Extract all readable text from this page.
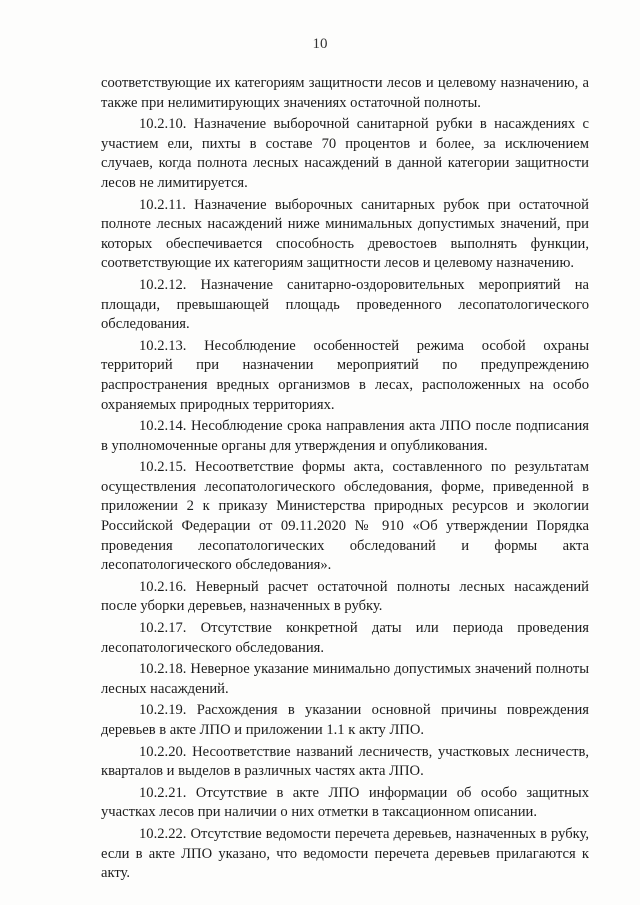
10

соответствующие их категориям защитности лесов и целевому назначению, а также при нелимитирующих значениях остаточной полноты.

10.2.10. Назначение выборочной санитарной рубки в насаждениях с участием ели, пихты в составе 70 процентов и более, за исключением случаев, когда полнота лесных насаждений в данной категории защитности лесов не лимитируется.

10.2.11. Назначение выборочных санитарных рубок при остаточной полноте лесных насаждений ниже минимальных допустимых значений, при которых обеспечивается способность древостоев выполнять функции, соответствующие их категориям защитности лесов и целевому назначению.

10.2.12. Назначение санитарно-оздоровительных мероприятий на площади, превышающей площадь проведенного лесопатологического обследования.

10.2.13. Несоблюдение особенностей режима особой охраны территорий при назначении мероприятий по предупреждению распространения вредных организмов в лесах, расположенных на особо охраняемых природных территориях.

10.2.14. Несоблюдение срока направления акта ЛПО после подписания в уполномоченные органы для утверждения и опубликования.

10.2.15. Несоответствие формы акта, составленного по результатам осуществления лесопатологического обследования, форме, приведенной в приложении 2 к приказу Министерства природных ресурсов и экологии Российской Федерации от 09.11.2020 № 910 «Об утверждении Порядка проведения лесопатологических обследований и формы акта лесопатологического обследования».

10.2.16. Неверный расчет остаточной полноты лесных насаждений после уборки деревьев, назначенных в рубку.

10.2.17. Отсутствие конкретной даты или периода проведения лесопатологического обследования.

10.2.18. Неверное указание минимально допустимых значений полноты лесных насаждений.

10.2.19. Расхождения в указании основной причины повреждения деревьев в акте ЛПО и приложении 1.1 к акту ЛПО.

10.2.20. Несоответствие названий лесничеств, участковых лесничеств, кварталов и выделов в различных частях акта ЛПО.

10.2.21. Отсутствие в акте ЛПО информации об особо защитных участках лесов при наличии о них отметки в таксационном описании.

10.2.22. Отсутствие ведомости перечета деревьев, назначенных в рубку, если в акте ЛПО указано, что ведомости перечета деревьев прилагаются к акту.
